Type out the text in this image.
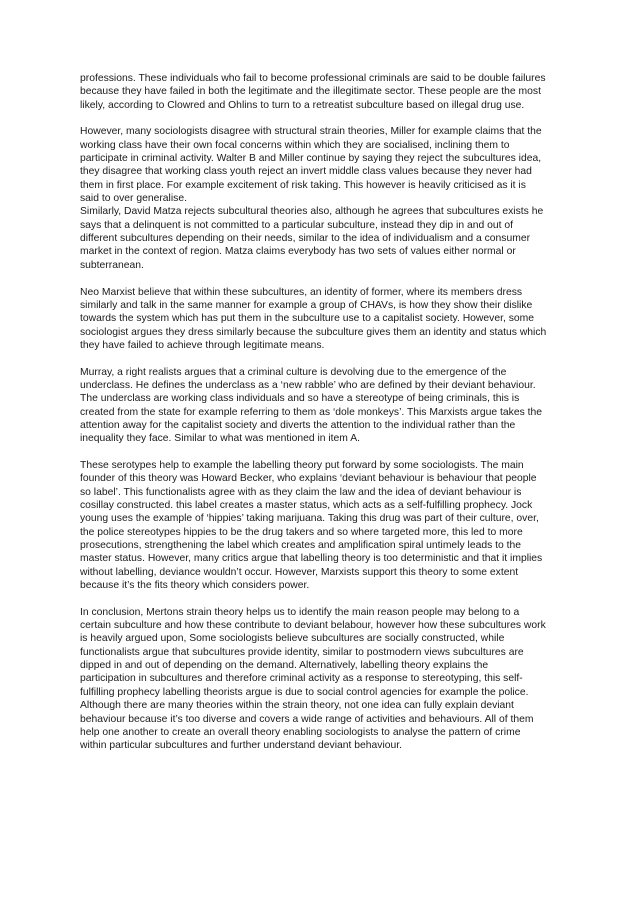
professions. These individuals who fail to become professional criminals are said to be double failures
because they have failed in both the legitimate and the illegitimate sector. These people are the most
likely, according to Clowred and Ohlins to turn to a retreatist subculture based on illegal drug use.

However, many sociologists disagree with structural strain theories, Miller for example claims that the
working class have their own focal concerns within which they are socialised, inclining them to
participate in criminal activity. Walter B and Miller continue by saying they reject the subcultures idea,
they disagree that working class youth reject an invert middle class values because they never had
them in first place. For example excitement of risk taking. This however is heavily criticised as it is
said to over generalise.

Similarly, David Matza rejects subcultural theories also, although he agrees that subcultures exists he
says that a delinquent is not committed to a particular subculture, instead they dip in and out of
different subcultures depending on their needs, similar to the idea of individualism and a consumer
market in the context of region. Matza claims everybody has two sets of values either normal or
subterranean.

Neo Marxist believe that within these subcultures, an identity of former, where its members dress
similarly and talk in the same manner for example a group of CHAVs, is how they show their dislike
towards the system which has put them in the subculture use to a capitalist society. However, some
sociologist argues they dress similarly because the subculture gives them an identity and status which
they have failed to achieve through legitimate means.

Murray, a right realists argues that a criminal culture is devolving due to the emergence of the
underclass. He defines the underclass as a ‘new rabble’ who are defined by their deviant behaviour.
The underclass are working class individuals and so have a stereotype of being criminals, this is
created from the state for example referring to them as ‘dole monkeys’. This Marxists argue takes the
attention away for the capitalist society and diverts the attention to the individual rather than the
inequality they face. Similar to what was mentioned in item A.

These serotypes help to example the labelling theory put forward by some sociologists. The main
founder of this theory was Howard Becker, who explains ‘deviant behaviour is behaviour that people
so label’. This functionalists agree with as they claim the law and the idea of deviant behaviour is
cosillay constructed. this label creates a master status, which acts as a self-fulfilling prophecy. Jock
young uses the example of ‘hippies’ taking marijuana. Taking this drug was part of their culture, over,
the police stereotypes hippies to be the drug takers and so where targeted more, this led to more
prosecutions, strengthening the label which creates and amplification spiral untimely leads to the
master status. However, many critics argue that labelling theory is too deterministic and that it implies
without labelling, deviance wouldn’t occur. However, Marxists support this theory to some extent
because it’s the fits theory which considers power.

In conclusion, Mertons strain theory helps us to identify the main reason people may belong to a
certain subculture and how these contribute to deviant belabour, however how these subcultures work
is heavily argued upon, Some sociologists believe subcultures are socially constructed, while
functionalists argue that subcultures provide identity, similar to postmodern views subcultures are
dipped in and out of depending on the demand. Alternatively, labelling theory explains the
participation in subcultures and therefore criminal activity as a response to stereotyping, this self-
fulfilling prophecy labelling theorists argue is due to social control agencies for example the police.
Although there are many theories within the strain theory, not one idea can fully explain deviant
behaviour because it’s too diverse and covers a wide range of activities and behaviours. All of them
help one another to create an overall theory enabling sociologists to analyse the pattern of crime
within particular subcultures and further understand deviant behaviour.
